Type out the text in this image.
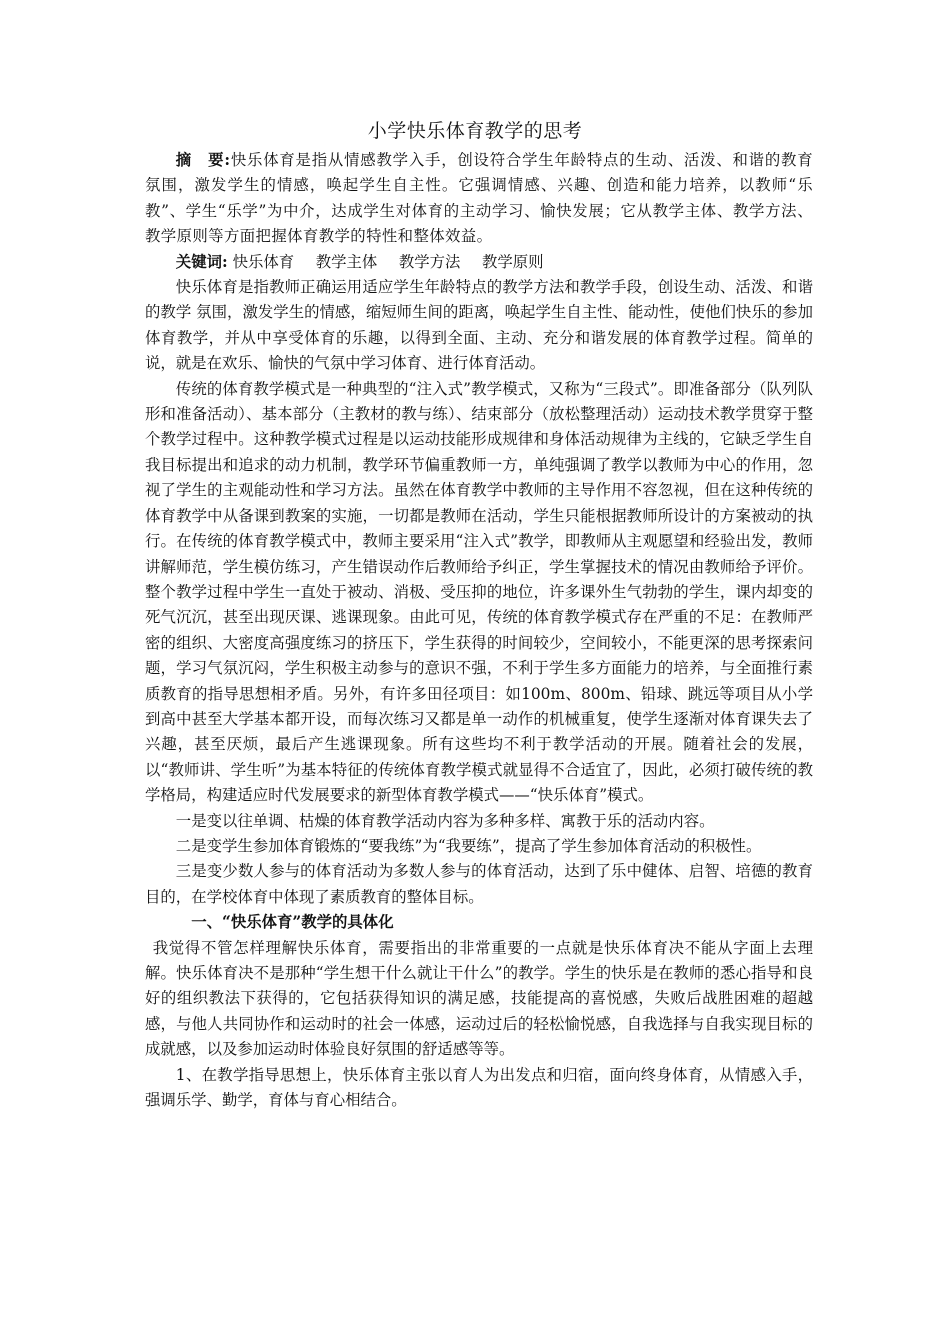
小学快乐体育教学的思考

摘　要:快乐体育是指从情感教学入手，创设符合学生年龄特点的生动、活泼、和谐的教育氛围，激发学生的情感，唤起学生自主性。它强调情感、兴趣、创造和能力培养，以教师“乐教”、学生“乐学”为中介，达成学生对体育的主动学习、愉快发展；它从教学主体、教学方法、教学原则等方面把握体育教学的特性和整体效益。

关键词: 快乐体育 教学主体 教学方法 教学原则

快乐体育是指教师正确运用适应学生年龄特点的教学方法和教学手段，创设生动、活泼、和谐的教学 氛围，激发学生的情感，缩短师生间的距离，唤起学生自主性、能动性，使他们快乐的参加体育教学，并从中享受体育的乐趣，以得到全面、主动、充分和谐发展的体育教学过程。简单的说，就是在欢乐、愉快的气氛中学习体育、进行体育活动。

传统的体育教学模式是一种典型的“注入式”教学模式，又称为“三段式”。即准备部分（队列队形和准备活动）、基本部分（主教材的教与练）、结束部分（放松整理活动）运动技术教学贯穿于整个教学过程中。这种教学模式过程是以运动技能形成规律和身体活动规律为主线的，它缺乏学生自我目标提出和追求的动力机制，教学环节偏重教师一方，单纯强调了教学以教师为中心的作用，忽视了学生的主观能动性和学习方法。虽然在体育教学中教师的主导作用不容忽视，但在这种传统的体育教学中从备课到教案的实施，一切都是教师在活动，学生只能根据教师所设计的方案被动的执行。在传统的体育教学模式中，教师主要采用“注入式”教学，即教师从主观愿望和经验出发，教师讲解师范，学生模仿练习，产生错误动作后教师给予纠正，学生掌握技术的情况由教师给予评价。整个教学过程中学生一直处于被动、消极、受压抑的地位，许多课外生气勃勃的学生，课内却变的死气沉沉，甚至出现厌课、逃课现象。由此可见，传统的体育教学模式存在严重的不足：在教师严密的组织、大密度高强度练习的挤压下，学生获得的时间较少，空间较小，不能更深的思考探索问题，学习气氛沉闷，学生积极主动参与的意识不强，不利于学生多方面能力的培养，与全面推行素质教育的指导思想相矛盾。另外，有许多田径项目：如100m、800m、铅球、跳远等项目从小学到高中甚至大学基本都开设，而每次练习又都是单一动作的机械重复，使学生逐渐对体育课失去了兴趣，甚至厌烦，最后产生逃课现象。所有这些均不利于教学活动的开展。随着社会的发展，以“教师讲、学生听”为基本特征的传统体育教学模式就显得不合适宜了，因此，必须打破传统的教学格局，构建适应时代发展要求的新型体育教学模式——“快乐体育”模式。

一是变以往单调、枯燥的体育教学活动内容为多种多样、寓教于乐的活动内容。

二是变学生参加体育锻炼的“要我练”为“我要练”，提高了学生参加体育活动的积极性。

三是变少数人参与的体育活动为多数人参与的体育活动，达到了乐中健体、启智、培德的教育目的，在学校体育中体现了素质教育的整体目标。

一、“快乐体育”教学的具体化

我觉得不管怎样理解快乐体育，需要指出的非常重要的一点就是快乐体育决不能从字面上去理解。快乐体育决不是那种“学生想干什么就让干什么”的教学。学生的快乐是在教师的悉心指导和良好的组织教法下获得的，它包括获得知识的满足感，技能提高的喜悦感，失败后战胜困难的超越感，与他人共同协作和运动时的社会一体感，运动过后的轻松愉悦感，自我选择与自我实现目标的成就感，以及参加运动时体验良好氛围的舒适感等等。

1、在教学指导思想上，快乐体育主张以育人为出发点和归宿，面向终身体育，从情感入手，强调乐学、勤学，育体与育心相结合。
